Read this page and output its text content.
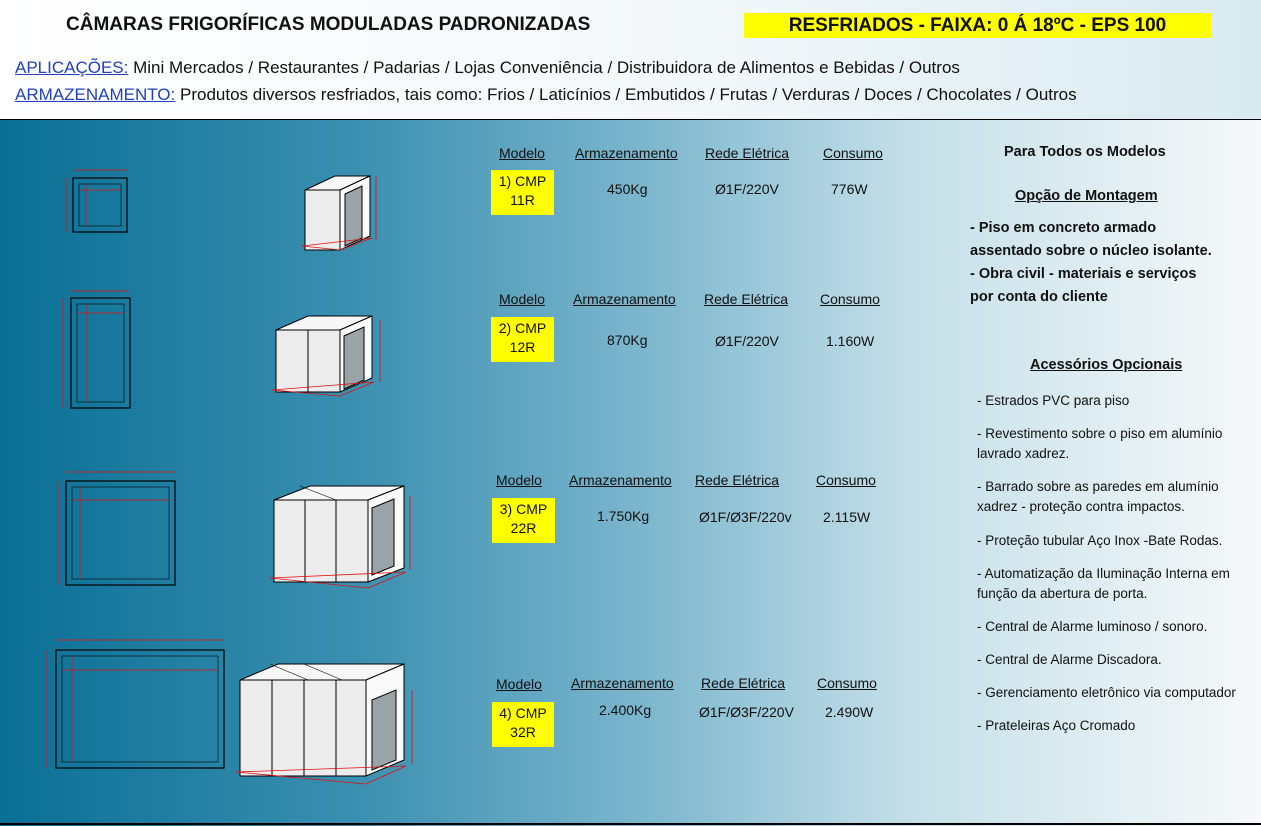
CÂMARAS FRIGORÍFICAS MODULADAS PADRONIZADAS	RESFRIADOS - FAIXA: 0 Á 18ºC - EPS 100
APLICAÇÕES: Mini Mercados / Restaurantes / Padarias / Lojas Conveniência / Distribuidora de Alimentos e Bebidas / Outros
ARMAZENAMENTO: Produtos diversos resfriados, tais como: Frios / Laticínios / Embutidos / Frutas / Verduras / Doces / Chocolates / Outros
Modelo Armazenamento Rede Elétrica Consumo
1) CMP
11R
450Kg	Ø1F/220V	776W
Modelo Armazenamento Rede Elétrica Consumo
2) CMP
12R	870Kg	Ø1F/220V	1.160W
Modelo Armazenamento Rede Elétrica	Consumo
3) CMP
22R
1.750Kg	Ø1F/Ø3F/220v 2.115W
Modelo Armazenamento Rede Elétrica Consumo
4) CMP
32R
2.400Kg	Ø1F/Ø3F/220V 2.490W
Para Todos os Modelos
Opção de Montagem
- Piso em concreto armado
assentado sobre o núcleo isolante.
- Obra civil - materiais e serviços
por conta do cliente
Acessórios Opcionais
- Estrados PVC para piso
- Revestimento sobre o piso em alumínio lavrado xadrez.
- Barrado sobre as paredes em alumínio xadrez - proteção contra impactos.
- Proteção tubular Aço Inox -Bate Rodas.
- Automatização da Iluminação Interna em função da abertura de porta.
- Central de Alarme luminoso / sonoro.
- Central de Alarme Discadora.
- Gerenciamento eletrônico via computador
- Prateleiras Aço Cromado
